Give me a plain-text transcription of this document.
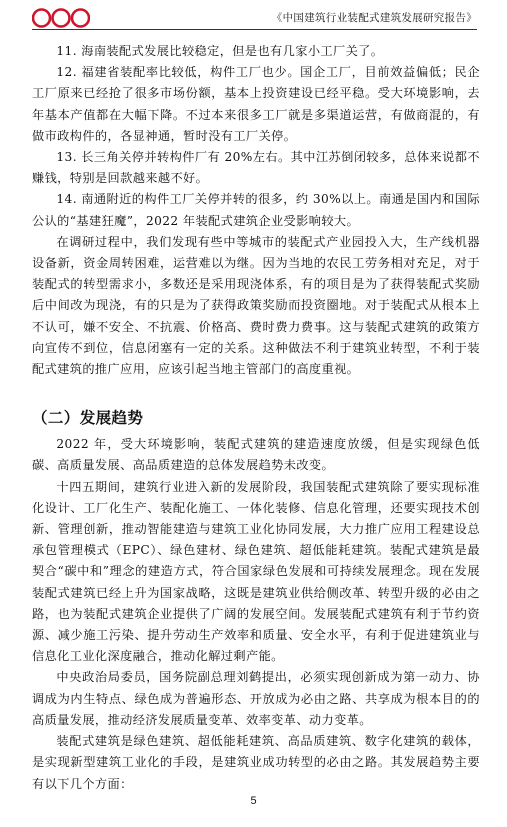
《中国建筑行业装配式建筑发展研究报告》

11. 海南装配式发展比较稳定，但是也有几家小工厂关了。

12. 福建省装配率比较低，构件工厂也少。国企工厂，目前效益偏低；民企工厂原来已经抢了很多市场份额，基本上投资建设已经平稳。受大环境影响，去年基本产值都在大幅下降。不过本来很多工厂就是多渠道运营，有做商混的，有做市政构件的，各显神通，暂时没有工厂关停。

13. 长三角关停并转构件厂有 20%左右。其中江苏倒闭较多，总体来说都不赚钱，特别是回款越来越不好。

14. 南通附近的构件工厂关停并转的很多，约 30%以上。南通是国内和国际公认的“基建狂魔”，2022 年装配式建筑企业受影响较大。

在调研过程中，我们发现有些中等城市的装配式产业园投入大，生产线机器设备新，资金周转困难，运营难以为继。因为当地的农民工劳务相对充足，对于装配式的转型需求小，多数还是采用现浇体系，有的项目是为了获得装配式奖励后中间改为现浇，有的只是为了获得政策奖励而投资圈地。对于装配式从根本上不认可，嫌不安全、不抗震、价格高、费时费力费事。这与装配式建筑的政策方向宣传不到位，信息闭塞有一定的关系。这种做法不利于建筑业转型，不利于装配式建筑的推广应用，应该引起当地主管部门的高度重视。

（二）发展趋势

2022 年，受大环境影响，装配式建筑的建造速度放缓，但是实现绿色低碳、高质量发展、高品质建造的总体发展趋势未改变。

十四五期间，建筑行业进入新的发展阶段，我国装配式建筑除了要实现标准化设计、工厂化生产、装配化施工、一体化装修、信息化管理，还要实现技术创新、管理创新，推动智能建造与建筑工业化协同发展，大力推广应用工程建设总承包管理模式（EPC）、绿色建材、绿色建筑、超低能耗建筑。装配式建筑是最契合“碳中和”理念的建造方式，符合国家绿色发展和可持续发展理念。现在发展装配式建筑已经上升为国家战略，这既是建筑业供给侧改革、转型升级的必由之路，也为装配式建筑企业提供了广阔的发展空间。发展装配式建筑有利于节约资源、减少施工污染、提升劳动生产效率和质量、安全水平，有利于促进建筑业与信息化工业化深度融合，推动化解过剩产能。

中央政治局委员，国务院副总理刘鹤提出，必须实现创新成为第一动力、协调成为内生特点、绿色成为普遍形态、开放成为必由之路、共享成为根本目的的高质量发展，推动经济发展质量变革、效率变革、动力变革。

装配式建筑是绿色建筑、超低能耗建筑、高品质建筑、数字化建筑的载体，是实现新型建筑工业化的手段，是建筑业成功转型的必由之路。其发展趋势主要有以下几个方面：

5
